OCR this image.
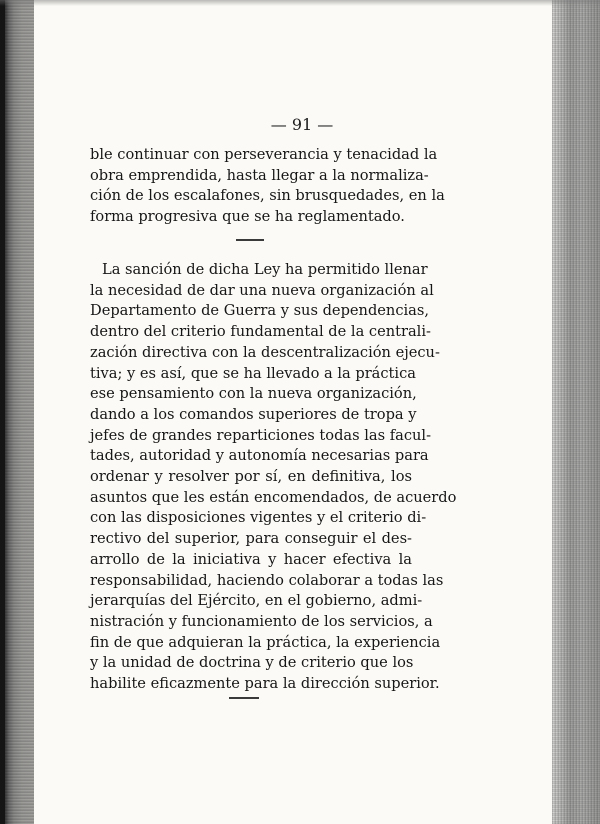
— 91 —
ble continuar con perseverancia y tenacidad la
obra emprendida, hasta llegar a la normaliza-
ción de los escalafones, sin brusquedades, en la
forma progresiva que se ha reglamentado.
La sanción de dicha Ley ha permitido llenar
la necesidad de dar una nueva organización al
Departamento de Guerra y sus dependencias,
dentro del criterio fundamental de la centrali-
zación directiva con la descentralización ejecu-
tiva; y es así, que se ha llevado a la práctica
ese pensamiento con la nueva organización,
dando a los comandos superiores de tropa y
jefes de grandes reparticiones todas las facul-
tades, autoridad y autonomía necesarias para
ordenar y resolver por sí, en definitiva, los
asuntos que les están encomendados, de acuerdo
con las disposiciones vigentes y el criterio di-
rectivo del superior, para conseguir el des-
arrollo de la iniciativa y hacer efectiva la
responsabilidad, haciendo colaborar a todas las
jerarquías del Ejército, en el gobierno, admi-
nistración y funcionamiento de los servicios, a
fin de que adquieran la práctica, la experiencia
y la unidad de doctrina y de criterio que los
habilite eficazmente para la dirección superior.
